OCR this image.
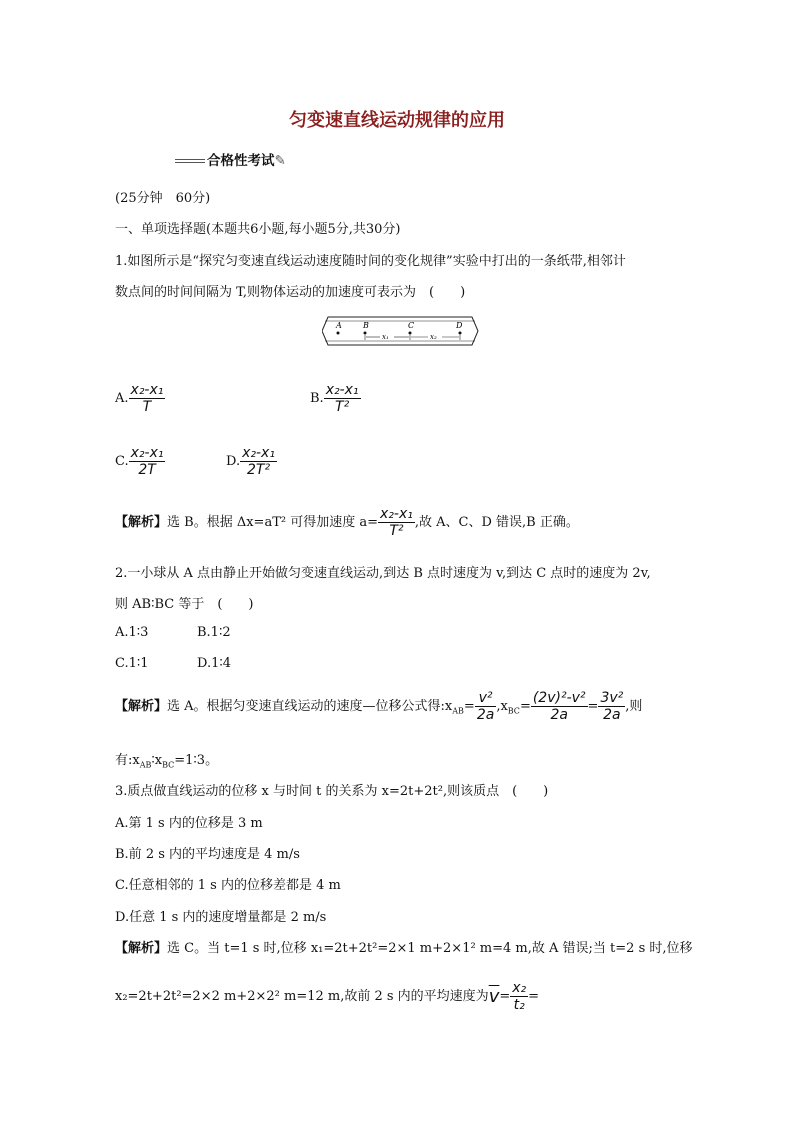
匀变速直线运动规律的应用
合格性考试✎
(25分钟　60分)
一、单项选择题(本题共6小题,每小题5分,共30分)
1.如图所示是“探究匀变速直线运动速度随时间的变化规律”实验中打出的一条纸带,相邻计
数点间的时间间隔为 T,则物体运动的加速度可表示为　(　　)
A	B	C	D
x₁	x₂
A. $\frac{\text{x₂-x₁}}{T}$	B. $\frac{\text{x₂-x₁}}{\text{T²}}$
C. $\frac{\text{x₂-x₁}}{2T}$	D. $\frac{\text{x₂-x₁}}{\text{2T²}}$
【解析】选 B。根据 Δx=aT² 可得加速度 $a= \frac{\text{x₂-x₁}}{\text{T²}}$ ,故 A、C、D 错误,B 正确。
2.一小球从 A 点由静止开始做匀变速直线运动,到达 B 点时速度为 v,到达 C 点时的速度为 2v,
则 AB∶BC 等于　(　　)
A.1∶3	B.1∶2
C.1∶1	D.1∶4
【解析】选 A。根据匀变速直线运动的速度—位移公式得$:x_{AB}= \frac{\text{v²}}{2a} ,x_{BC}= \frac{\text{(2v)²-v²}}{2a} = \frac{\text{3v²}}{2a}$ ,则
有$:x_{AB}∶x_{BC}=1∶3$。
3.质点做直线运动的位移 x 与时间 t 的关系为 x=2t+2t²,则该质点　(　　)
A.第 1 s 内的位移是 3 m
B.前 2 s 内的平均速度是 4 m/s
C.任意相邻的 1 s 内的位移差都是 4 m
D.任意 1 s 内的速度增量都是 2 m/s
【解析】选 C。当 t=1 s 时,位移 x₁=2t+2t²=2×1 m+2×1² m=4 m,故 A 错误;当 t=2 s 时,位移
x₂=2t+2t²=2×2 m+2×2² m=12 m,故前 2 s 内的平均速度为$\overline{v}= \frac{\text{x₂}}{\text{t₂}}$ =
